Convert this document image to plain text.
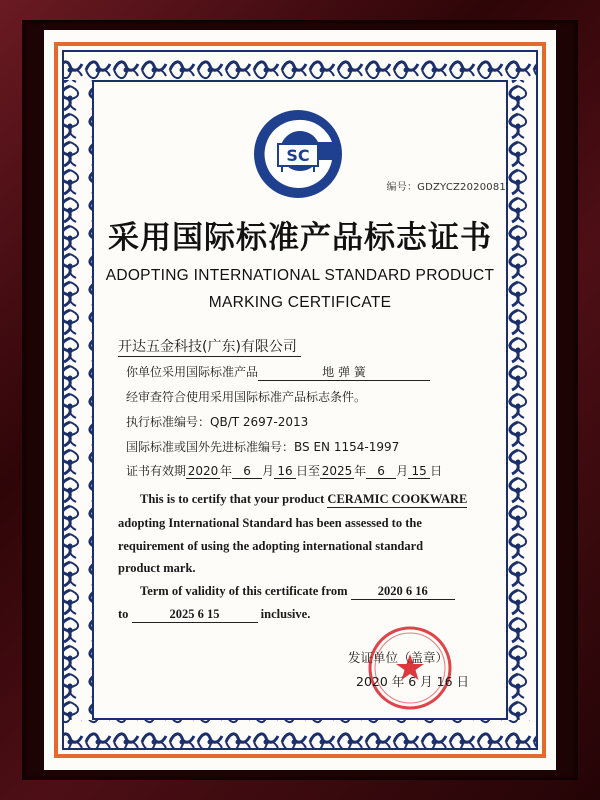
SC
编号：GDZYCZ2020081
采用国际标准产品标志证书
ADOPTING INTERNATIONAL STANDARD PRODUCT
MARKING CERTIFICATE
开达五金科技(广东)有限公司
你单位采用国际标准产品	地 弹 簧
经审查符合使用采用国际标准产品标志条件。
执行标准编号：QB/T 2697-2013
国际标准或国外先进标准编号：BS EN 1154-1997
证书有效期 2020 年 6 月 16 日至 2025 年 6 月 15 日
This is to certify that your product CERAMIC COOKWARE
adopting International Standard has been assessed to the
requirement of using the adopting international standard
product mark.
Term of validity of this certificate from 2020 6 16
to	2025 6 15	inclusive.
发证单位（盖章）
2020 年 6 月 16 日
